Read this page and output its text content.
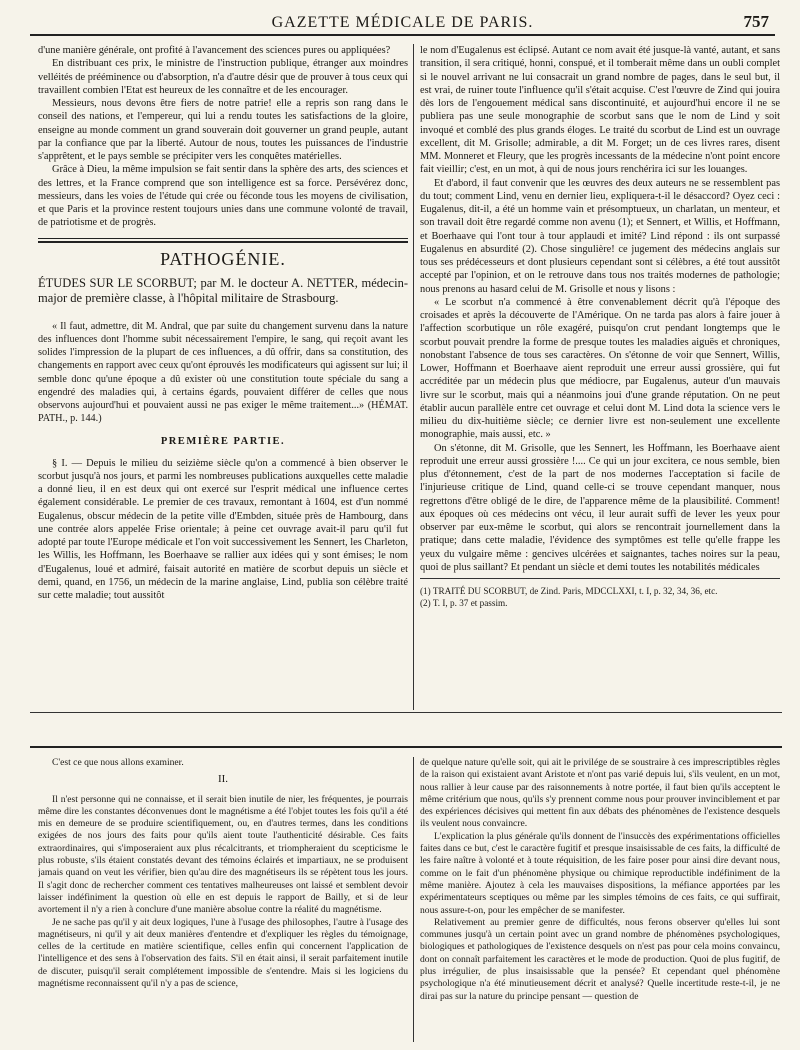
GAZETTE MÉDICALE DE PARIS.	757

d'une manière générale, ont profité à l'avancement des sciences pures ou appliquées?

En distribuant ces prix, le ministre de l'instruction publique, étranger aux moindres velléités de prééminence ou d'absorption, n'a d'autre désir que de prouver à tous ceux qui travaillent combien l'Etat est heureux de les connaître et de les encourager.

Messieurs, nous devons être fiers de notre patrie! elle a repris son rang dans le conseil des nations, et l'empereur, qui lui a rendu toutes les satisfactions de la gloire, enseigne au monde comment un grand souverain doit gouverner un grand peuple, autant par la confiance que par la liberté. Autour de nous, toutes les puissances de l'industrie s'apprêtent, et le pays semble se précipiter vers les conquêtes matérielles.

Grâce à Dieu, la même impulsion se fait sentir dans la sphère des arts, des sciences et des lettres, et la France comprend que son intelligence est sa force. Persévérez donc, messieurs, dans les voies de l'étude qui crée ou féconde tous les moyens de civilisation, et que Paris et la province restent toujours unies dans une commune volonté de travail, de patriotisme et de progrès.

PATHOGÉNIE.
ÉTUDES SUR LE SCORBUT; par M. le docteur A. NETTER, médecin-major de première classe, à l'hôpital militaire de Strasbourg.

« Il faut, admettre, dit M. Andral, que par suite du changement survenu dans la nature des influences dont l'homme subit nécessairement l'empire, le sang, qui reçoit avant les solides l'impression de la plupart de ces influences, a dû offrir, dans sa constitution, des changements en rapport avec ceux qu'ont éprouvés les modificateurs qui agissent sur lui; il semble donc qu'une époque a dû exister où une constitution toute spéciale du sang a engendré des maladies qui, à certains égards, pouvaient différer de celles que nous observons aujourd'hui et pouvaient aussi ne pas exiger le même traitement...» (HÉMAT. PATH., p. 144.)

PREMIÈRE PARTIE.

§ I. — Depuis le milieu du seizième siècle qu'on a commencé à bien observer le scorbut jusqu'à nos jours, et parmi les nombreuses publications auxquelles cette maladie a donné lieu, il en est deux qui ont exercé sur l'esprit médical une influence certes également considérable. Le premier de ces travaux, remontant à 1604, est d'un nommé Eugalenus, obscur médecin de la petite ville d'Embden, située près de Hambourg, dans une contrée alors appelée Frise orientale; à peine cet ouvrage avait-il paru qu'il fut adopté par toute l'Europe médicale et l'on voit successivement les Sennert, les Charleton, les Willis, les Hoffmann, les Boerhaave se rallier aux idées qui y sont émises; le nom d'Eugalenus, loué et admiré, faisait autorité en matière de scorbut depuis un siècle et demi, quand, en 1756, un médecin de la marine anglaise, Lind, publia son célèbre traité sur cette maladie; tout aussitôt

le nom d'Eugalenus est éclipsé. Autant ce nom avait été jusque-là vanté, autant, et sans transition, il sera critiqué, honni, conspué, et il tomberait même dans un oubli complet si le nouvel arrivant ne lui consacrait un grand nombre de pages, dans le seul but, il est vrai, de ruiner toute l'influence qu'il s'était acquise. C'est l'œuvre de Zind qui jouira dès lors de l'engouement médical sans discontinuité, et aujourd'hui encore il ne se publiera pas une seule monographie de scorbut sans que le nom de Lind y soit invoqué et comblé des plus grands éloges. Le traité du scorbut de Lind est un ouvrage excellent, dit M. Grisolle; admirable, a dit M. Forget; un de ces livres rares, disent MM. Monneret et Fleury, que les progrès incessants de la médecine n'ont point encore fait vieillir; c'est, en un mot, à qui de nous jours renchérira ici sur les louanges.

Et d'abord, il faut convenir que les œuvres des deux auteurs ne se ressemblent pas du tout; comment Lind, venu en dernier lieu, expliquera-t-il le désaccord? Oyez ceci : Eugalenus, dit-il, a été un homme vain et présomptueux, un charlatan, un menteur, et son travail doit être regardé comme non avenu (1); et Sennert, et Willis, et Hoffmann, et Boerhaave qui l'ont tour à tour applaudi et imité? Lind répond : ils ont surpassé Eugalenus en absurdité (2). Chose singulière! ce jugement des médecins anglais sur tous ses prédécesseurs et dont plusieurs cependant sont si célèbres, a été tout aussitôt accepté par l'opinion, et on le retrouve dans tous nos traités modernes de pathologie; nous prenons au hasard celui de M. Grisolle et nous y lisons :

« Le scorbut n'a commencé à être convenablement décrit qu'à l'époque des croisades et après la découverte de l'Amérique. On ne tarda pas alors à faire jouer à l'affection scorbutique un rôle exagéré, puisqu'on crut pendant longtemps que le scorbut pouvait prendre la forme de presque toutes les maladies aiguës et chroniques, nonobstant l'absence de tous ses caractères. On s'étonne de voir que Sennert, Willis, Lower, Hoffmann et Boerhaave aient reproduit une erreur aussi grossière, qui fut accréditée par un médecin plus que médiocre, par Eugalenus, auteur d'un mauvais livre sur le scorbut, mais qui a néanmoins joui d'une grande réputation. On ne peut établir aucun parallèle entre cet ouvrage et celui dont M. Lind dota la science vers le milieu du dix-huitième siècle; ce dernier livre est non-seulement une excellente monographie, mais aussi, etc. »

On s'étonne, dit M. Grisolle, que les Sennert, les Hoffmann, les Boerhaave aient reproduit une erreur aussi grossière !.... Ce qui un jour excitera, ce nous semble, bien plus d'étonnement, c'est de la part de nos modernes l'acceptation si facile de l'injurieuse critique de Lind, quand celle-ci se trouve cependant manquer, nous regrettons d'être obligé de le dire, de l'apparence même de la plausibilité. Comment! aux époques où ces médecins ont vécu, il leur aurait suffi de lever les yeux pour observer par eux-même le scorbut, qui alors se rencontrait journellement dans la pratique; dans cette maladie, l'évidence des symptômes est telle qu'elle frappe les yeux du vulgaire même : gencives ulcérées et saignantes, taches noires sur la peau, quoi de plus saillant? Et pendant un siècle et demi toutes les notabilités médicales

(1) TRAITÉ DU SCORBUT, de Zind. Paris, MDCCLXXI, t. I, p. 32, 34, 36, etc.
(2) T. I, p. 37 et passim.

C'est ce que nous allons examiner.

II.

Il n'est personne qui ne connaisse, et il serait bien inutile de nier, les fréquentes, je pourrais même dire les constantes déconvenues dont le magnétisme a été l'objet toutes les fois qu'il a été mis en demeure de se produire scientifiquement, ou, en d'autres termes, dans les conditions exigées de nos jours des faits pour qu'ils aient toute l'authenticité désirable. Ces faits extraordinaires, qui s'imposeraient aux plus récalcitrants, et triompheraient du scepticisme le plus robuste, s'ils étaient constatés devant des témoins éclairés et impartiaux, ne se produisent jamais quand on veut les vérifier, bien qu'au dire des magnétiseurs ils se répètent tous les jours. Il s'agit donc de rechercher comment ces tentatives malheureuses ont laissé et semblent devoir laisser indéfiniment la question où elle en est depuis le rapport de Bailly, et si de leur avortement il n'y a rien à conclure d'une manière absolue contre la réalité du magnétisme.

Je ne sache pas qu'il y ait deux logiques, l'une à l'usage des philosophes, l'autre à l'usage des magnétiseurs, ni qu'il y ait deux manières d'entendre et d'expliquer les règles du témoignage, celles de la certitude en matière scientifique, celles enfin qui concernent l'application de l'intelligence et des sens à l'observation des faits. S'il en était ainsi, il serait parfaitement inutile de discuter, puisqu'il serait complétement impossible de s'entendre. Mais si les logiciens du magnétisme reconnaissent qu'il n'y a pas de science,

de quelque nature qu'elle soit, qui ait le privilége de se soustraire à ces imprescriptibles règles de la raison qui existaient avant Aristote et n'ont pas varié depuis lui, s'ils veulent, en un mot, nous rallier à leur cause par des raisonnements à notre portée, il faut bien qu'ils acceptent le même critérium que nous, qu'ils s'y prennent comme nous pour prouver invinciblement et par des expériences décisives qui mettent fin aux débats des phénomènes de l'existence desquels ils veulent nous convaincre.

L'explication la plus générale qu'ils donnent de l'insuccès des expérimentations officielles faites dans ce but, c'est le caractère fugitif et presque insaisissable de ces faits, la difficulté de les faire naître à volonté et à toute réquisition, de les faire poser pour ainsi dire devant nous, comme on le fait d'un phénomène physique ou chimique reproductible indéfiniment de la même manière. Ajoutez à cela les mauvaises dispositions, la méfiance apportées par les expérimentateurs sceptiques ou même par les simples témoins de ces faits, ce qui suffirait, nous assure-t-on, pour les empêcher de se manifester.

Relativement au premier genre de difficultés, nous ferons observer qu'elles lui sont communes jusqu'à un certain point avec un grand nombre de phénomènes psychologiques, biologiques et pathologiques de l'existence desquels on n'est pas pour cela moins convaincu, dont on connaît parfaitement les caractères et le mode de production. Quoi de plus fugitif, de plus irrégulier, de plus insaisissable que la pensée? Et cependant quel phénomène psychologique n'a été minutieusement décrit et analysé? Quelle incertitude reste-t-il, je ne dirai pas sur la nature du principe pensant — question de
